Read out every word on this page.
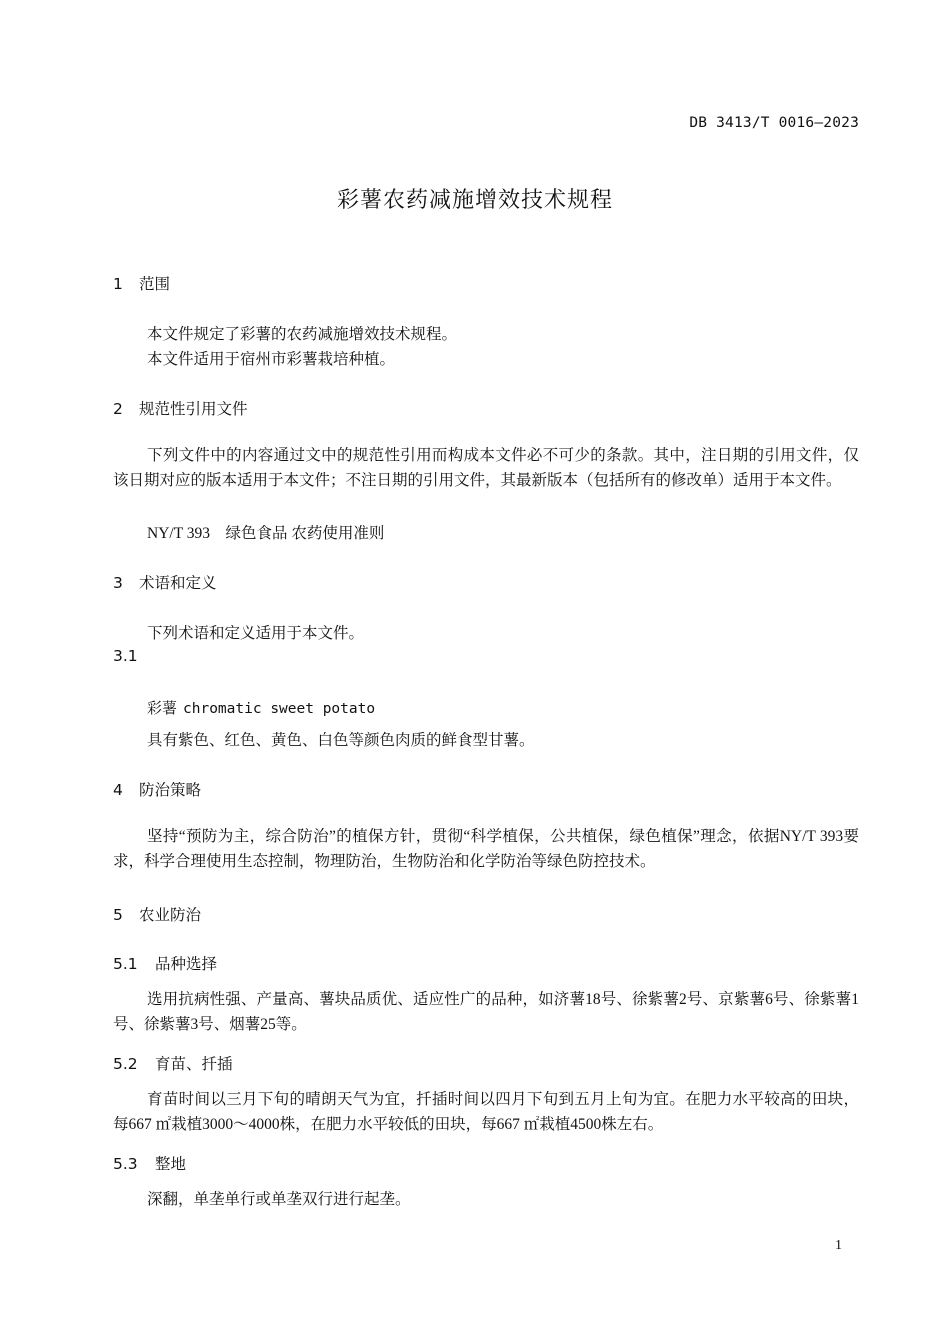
DB 3413/T 0016—2023
彩薯农药减施增效技术规程
1 范围
本文件规定了彩薯的农药减施增效技术规程。
本文件适用于宿州市彩薯栽培种植。
2 规范性引用文件
下列文件中的内容通过文中的规范性引用而构成本文件必不可少的条款。其中，注日期的引用文件，仅该日期对应的版本适用于本文件；不注日期的引用文件，其最新版本（包括所有的修改单）适用于本文件。
NY/T 393　绿色食品 农药使用准则
3 术语和定义
下列术语和定义适用于本文件。
3.1
彩薯 chromatic sweet potato
具有紫色、红色、黄色、白色等颜色肉质的鲜食型甘薯。
4 防治策略
坚持“预防为主，综合防治”的植保方针，贯彻“科学植保，公共植保，绿色植保”理念，依据NY/T 393要求，科学合理使用生态控制，物理防治，生物防治和化学防治等绿色防控技术。
5 农业防治
5.1 品种选择
选用抗病性强、产量高、薯块品质优、适应性广的品种，如济薯18号、徐紫薯2号、京紫薯6号、徐紫薯1号、徐紫薯3号、烟薯25等。
5.2 育苗、扦插
育苗时间以三月下旬的晴朗天气为宜，扦插时间以四月下旬到五月上旬为宜。在肥力水平较高的田块，每667 ㎡栽植3000～4000株，在肥力水平较低的田块，每667 ㎡栽植4500株左右。
5.3 整地
深翻，单垄单行或单垄双行进行起垄。
1
